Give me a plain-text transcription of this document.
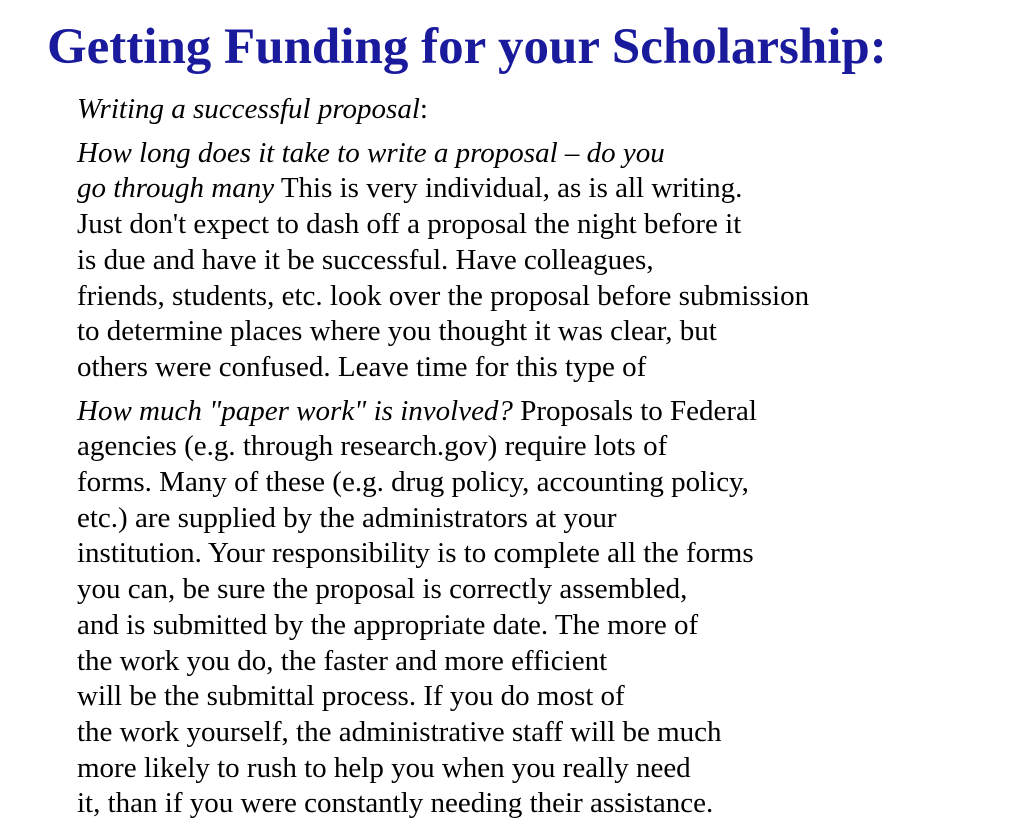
Getting Funding for your Scholarship:

Writing a successful proposal:

How long does it take to write a proposal – do you
go through many This is very individual, as is all writing.
Just don't expect to dash off a proposal the night before it
is due and have it be successful. Have colleagues,
friends, students, etc. look over the proposal before submission
to determine places where you thought it was clear, but
others were confused. Leave time for this type of

How much "paper work" is involved? Proposals to Federal
agencies (e.g. through research.gov) require lots of
forms. Many of these (e.g. drug policy, accounting policy,
etc.) are supplied by the administrators at your
institution. Your responsibility is to complete all the forms
you can, be sure the proposal is correctly assembled,
and is submitted by the appropriate date. The more of
the work you do, the faster and more efficient
will be the submittal process. If you do most of
the work yourself, the administrative staff will be much
more likely to rush to help you when you really need
it, than if you were constantly needing their assistance.
